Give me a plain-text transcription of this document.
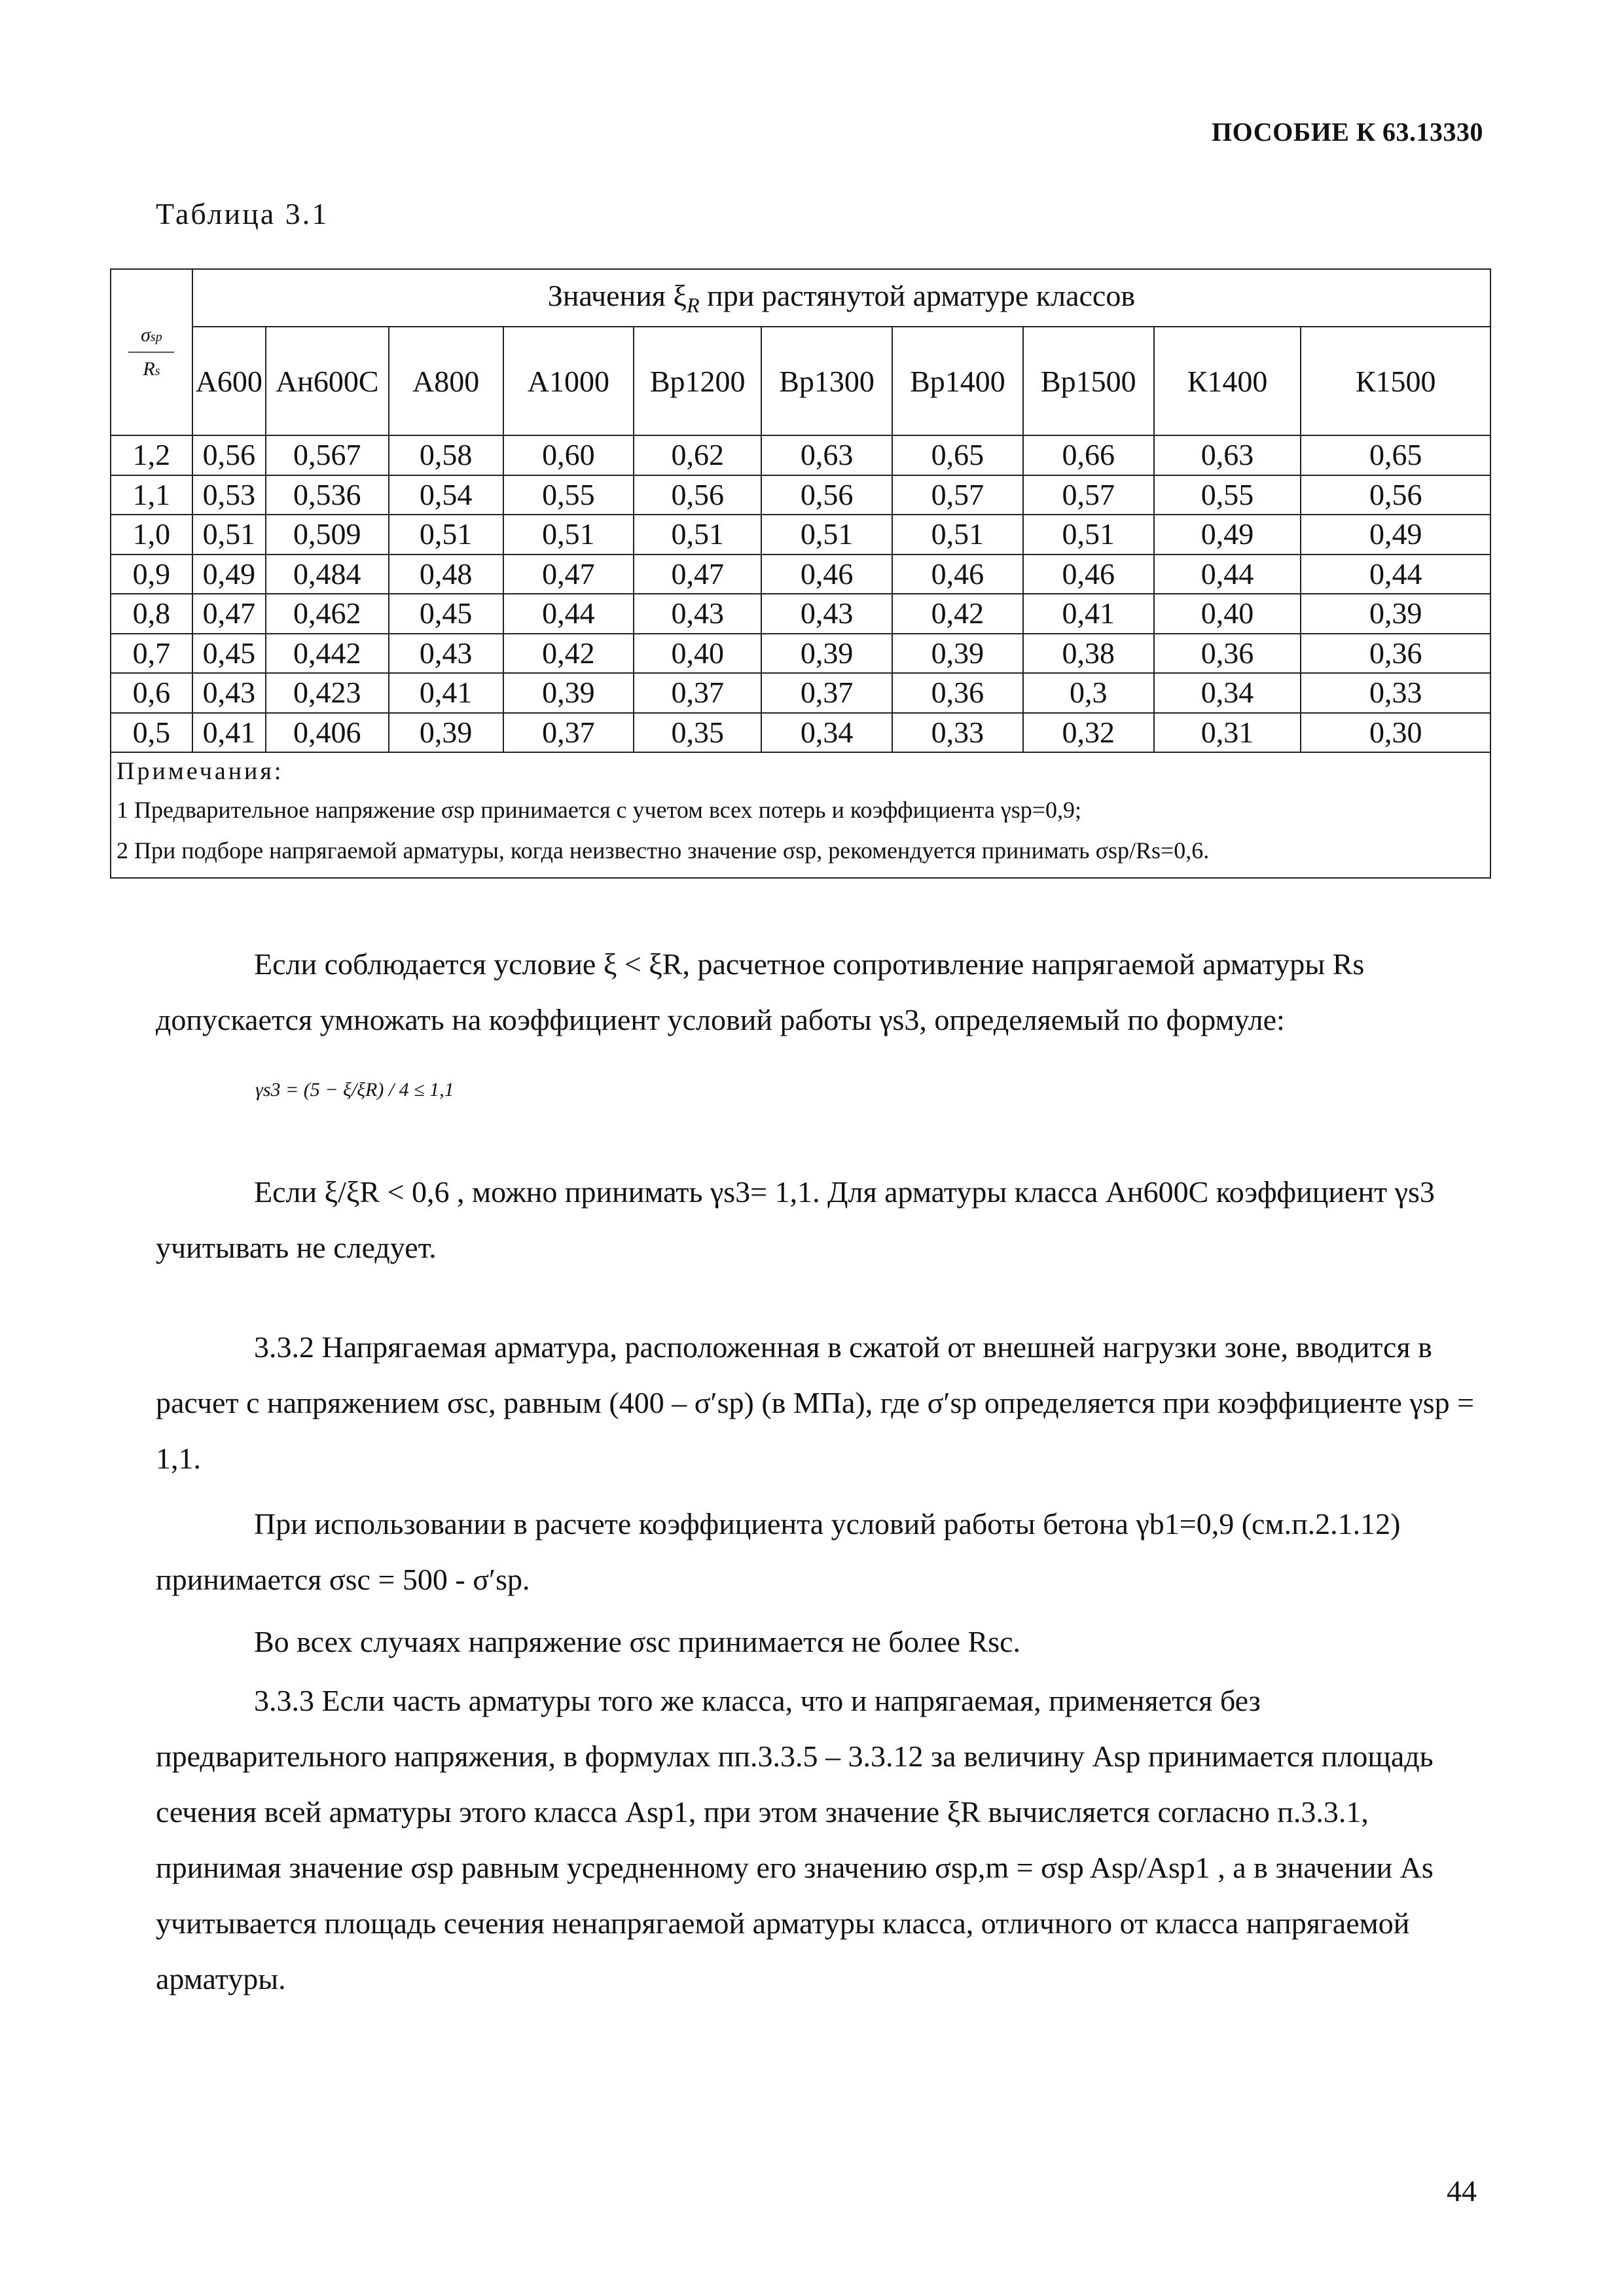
ПОСОБИЕ К 63.13330
Таблица 3.1
σsp
Rs	Значения $\xi_R$ при растянутой арматуре классов									
	А600	Ан600С	А800	А1000	Вр1200	Вр1300	Вр1400	Вр1500	К1400	К1500
1,2	0,56	0,567	0,58	0,60	0,62	0,63	0,65	0,66	0,63	0,65
1,1	0,53	0,536	0,54	0,55	0,56	0,56	0,57	0,57	0,55	0,56
1,0	0,51	0,509	0,51	0,51	0,51	0,51	0,51	0,51	0,49	0,49
0,9	0,49	0,484	0,48	0,47	0,47	0,46	0,46	0,46	0,44	0,44
0,8	0,47	0,462	0,45	0,44	0,43	0,43	0,42	0,41	0,40	0,39
0,7	0,45	0,442	0,43	0,42	0,40	0,39	0,39	0,38	0,36	0,36
0,6	0,43	0,423	0,41	0,39	0,37	0,37	0,36	0,3	0,34	0,33
0,5	0,41	0,406	0,39	0,37	0,35	0,34	0,33	0,32	0,31	0,30

Примечания:
1 Предварительное напряжение σsp принимается с учетом всех потерь и коэффициента γsp=0,9;
2 При подборе напрягаемой арматуры, когда неизвестно значение σsp, рекомендуется принимать σsp/Rs=0,6.										
Если соблюдается условие ξ < ξR, расчетное сопротивление напрягаемой арматуры Rs допускается умножать на коэффициент условий работы γs3, определяемый по формуле:
γs3 = (5 − ξ/ξR) / 4 ≤ 1,1
Если ξ/ξR < 0,6 , можно принимать γs3= 1,1. Для арматуры класса Ан600С коэффициент γs3 учитывать не следует.
3.3.2 Напрягаемая арматура, расположенная в сжатой от внешней нагрузки зоне, вводится в расчет с напряжением σsc, равным (400 – σ′sp) (в МПа), где σ′sp определяется при коэффициенте γsp = 1,1.
При использовании в расчете коэффициента условий работы бетона γb1=0,9 (см.п.2.1.12) принимается σsc = 500 - σ′sp.
Во всех случаях напряжение σsc принимается не более Rsc.
3.3.3 Если часть арматуры того же класса, что и напрягаемая, применяется без предварительного напряжения, в формулах пп.3.3.5 – 3.3.12 за величину Asp принимается площадь сечения всей арматуры этого класса Asp1, при этом значение ξR вычисляется согласно п.3.3.1, принимая значение σsp равным усредненному его значению σsp,m = σsp Asp/Asp1 , а в значении As учитывается площадь сечения ненапрягаемой арматуры класса, отличного от класса напрягаемой арматуры.
44
